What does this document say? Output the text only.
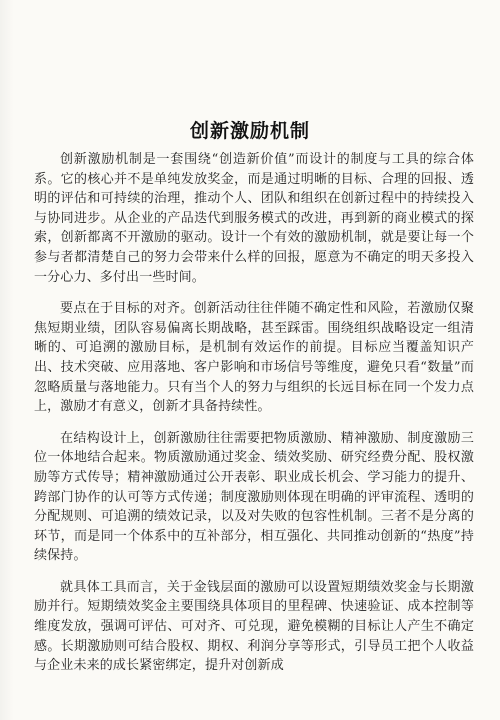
创新激励机制

创新激励机制是一套围绕“创造新价值”而设计的制度与工具的综合体系。它的核心并不是单纯发放奖金，而是通过明晰的目标、合理的回报、透明的评估和可持续的治理，推动个人、团队和组织在创新过程中的持续投入与协同进步。从企业的产品迭代到服务模式的改进，再到新的商业模式的探索，创新都离不开激励的驱动。设计一个有效的激励机制，就是要让每一个参与者都清楚自己的努力会带来什么样的回报，愿意为不确定的明天多投入一分心力、多付出一些时间。

要点在于目标的对齐。创新活动往往伴随不确定性和风险，若激励仅聚焦短期业绩，团队容易偏离长期战略，甚至踩雷。围绕组织战略设定一组清晰的、可追溯的激励目标，是机制有效运作的前提。目标应当覆盖知识产出、技术突破、应用落地、客户影响和市场信号等维度，避免只看“数量”而忽略质量与落地能力。只有当个人的努力与组织的长远目标在同一个发力点上，激励才有意义，创新才具备持续性。

在结构设计上，创新激励往往需要把物质激励、精神激励、制度激励三位一体地结合起来。物质激励通过奖金、绩效奖励、研究经费分配、股权激励等方式传导；精神激励通过公开表彰、职业成长机会、学习能力的提升、跨部门协作的认可等方式传递；制度激励则体现在明确的评审流程、透明的分配规则、可追溯的绩效记录，以及对失败的包容性机制。三者不是分离的环节，而是同一个体系中的互补部分，相互强化、共同推动创新的“热度”持续保持。

就具体工具而言，关于金钱层面的激励可以设置短期绩效奖金与长期激励并行。短期绩效奖金主要围绕具体项目的里程碑、快速验证、成本控制等维度发放，强调可评估、可对齐、可兑现，避免模糊的目标让人产生不确定感。长期激励则可结合股权、期权、利润分享等形式，引导员工把个人收益与企业未来的成长紧密绑定，提升对创新成
